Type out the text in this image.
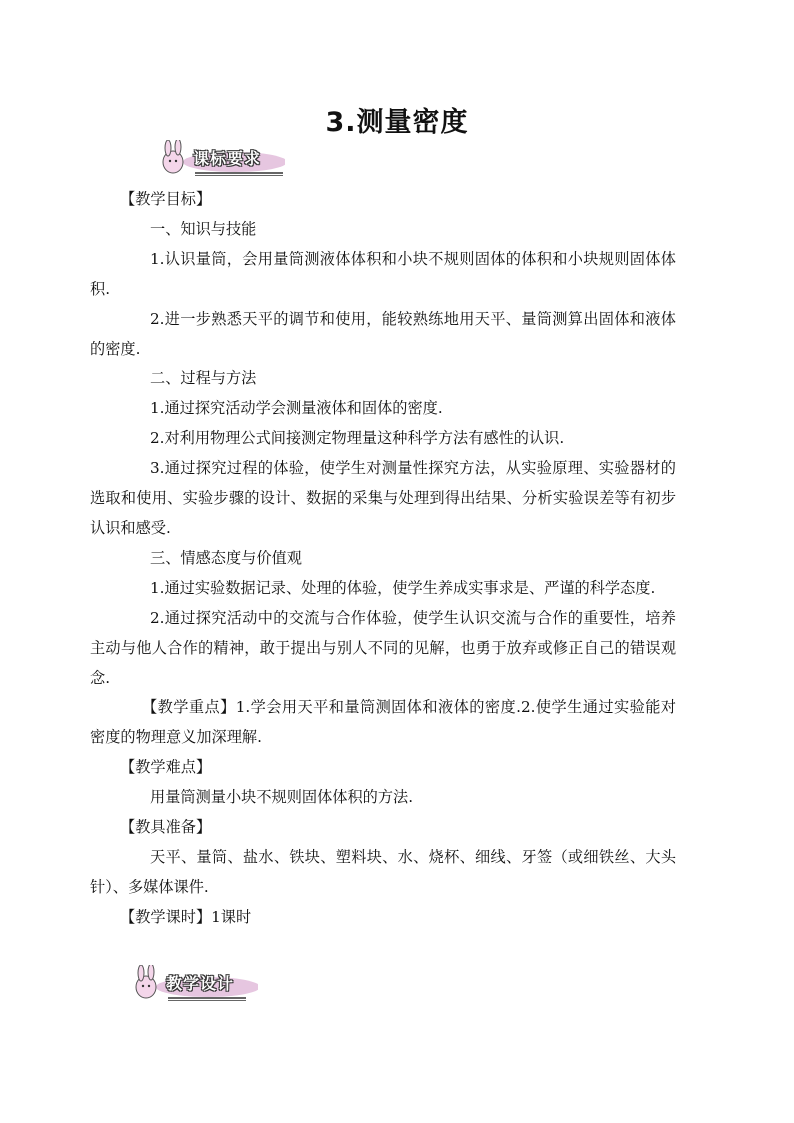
3.测量密度
课标要求

【教学目标】

一、知识与技能

1.认识量筒，会用量筒测液体体积和小块不规则固体的体积和小块规则固体体积.

2.进一步熟悉天平的调节和使用，能较熟练地用天平、量筒测算出固体和液体的密度.

二、过程与方法

1.通过探究活动学会测量液体和固体的密度.

2.对利用物理公式间接测定物理量这种科学方法有感性的认识.

3.通过探究过程的体验，使学生对测量性探究方法，从实验原理、实验器材的选取和使用、实验步骤的设计、数据的采集与处理到得出结果、分析实验误差等有初步认识和感受.

三、情感态度与价值观

1.通过实验数据记录、处理的体验，使学生养成实事求是、严谨的科学态度.

2.通过探究活动中的交流与合作体验，使学生认识交流与合作的重要性，培养主动与他人合作的精神，敢于提出与别人不同的见解，也勇于放弃或修正自己的错误观念.

【教学重点】1.学会用天平和量筒测固体和液体的密度.2.使学生通过实验能对密度的物理意义加深理解.

【教学难点】

用量筒测量小块不规则固体体积的方法.

【教具准备】

天平、量筒、盐水、铁块、塑料块、水、烧杯、细线、牙签（或细铁丝、大头针）、多媒体课件.

【教学课时】1课时

教学设计
